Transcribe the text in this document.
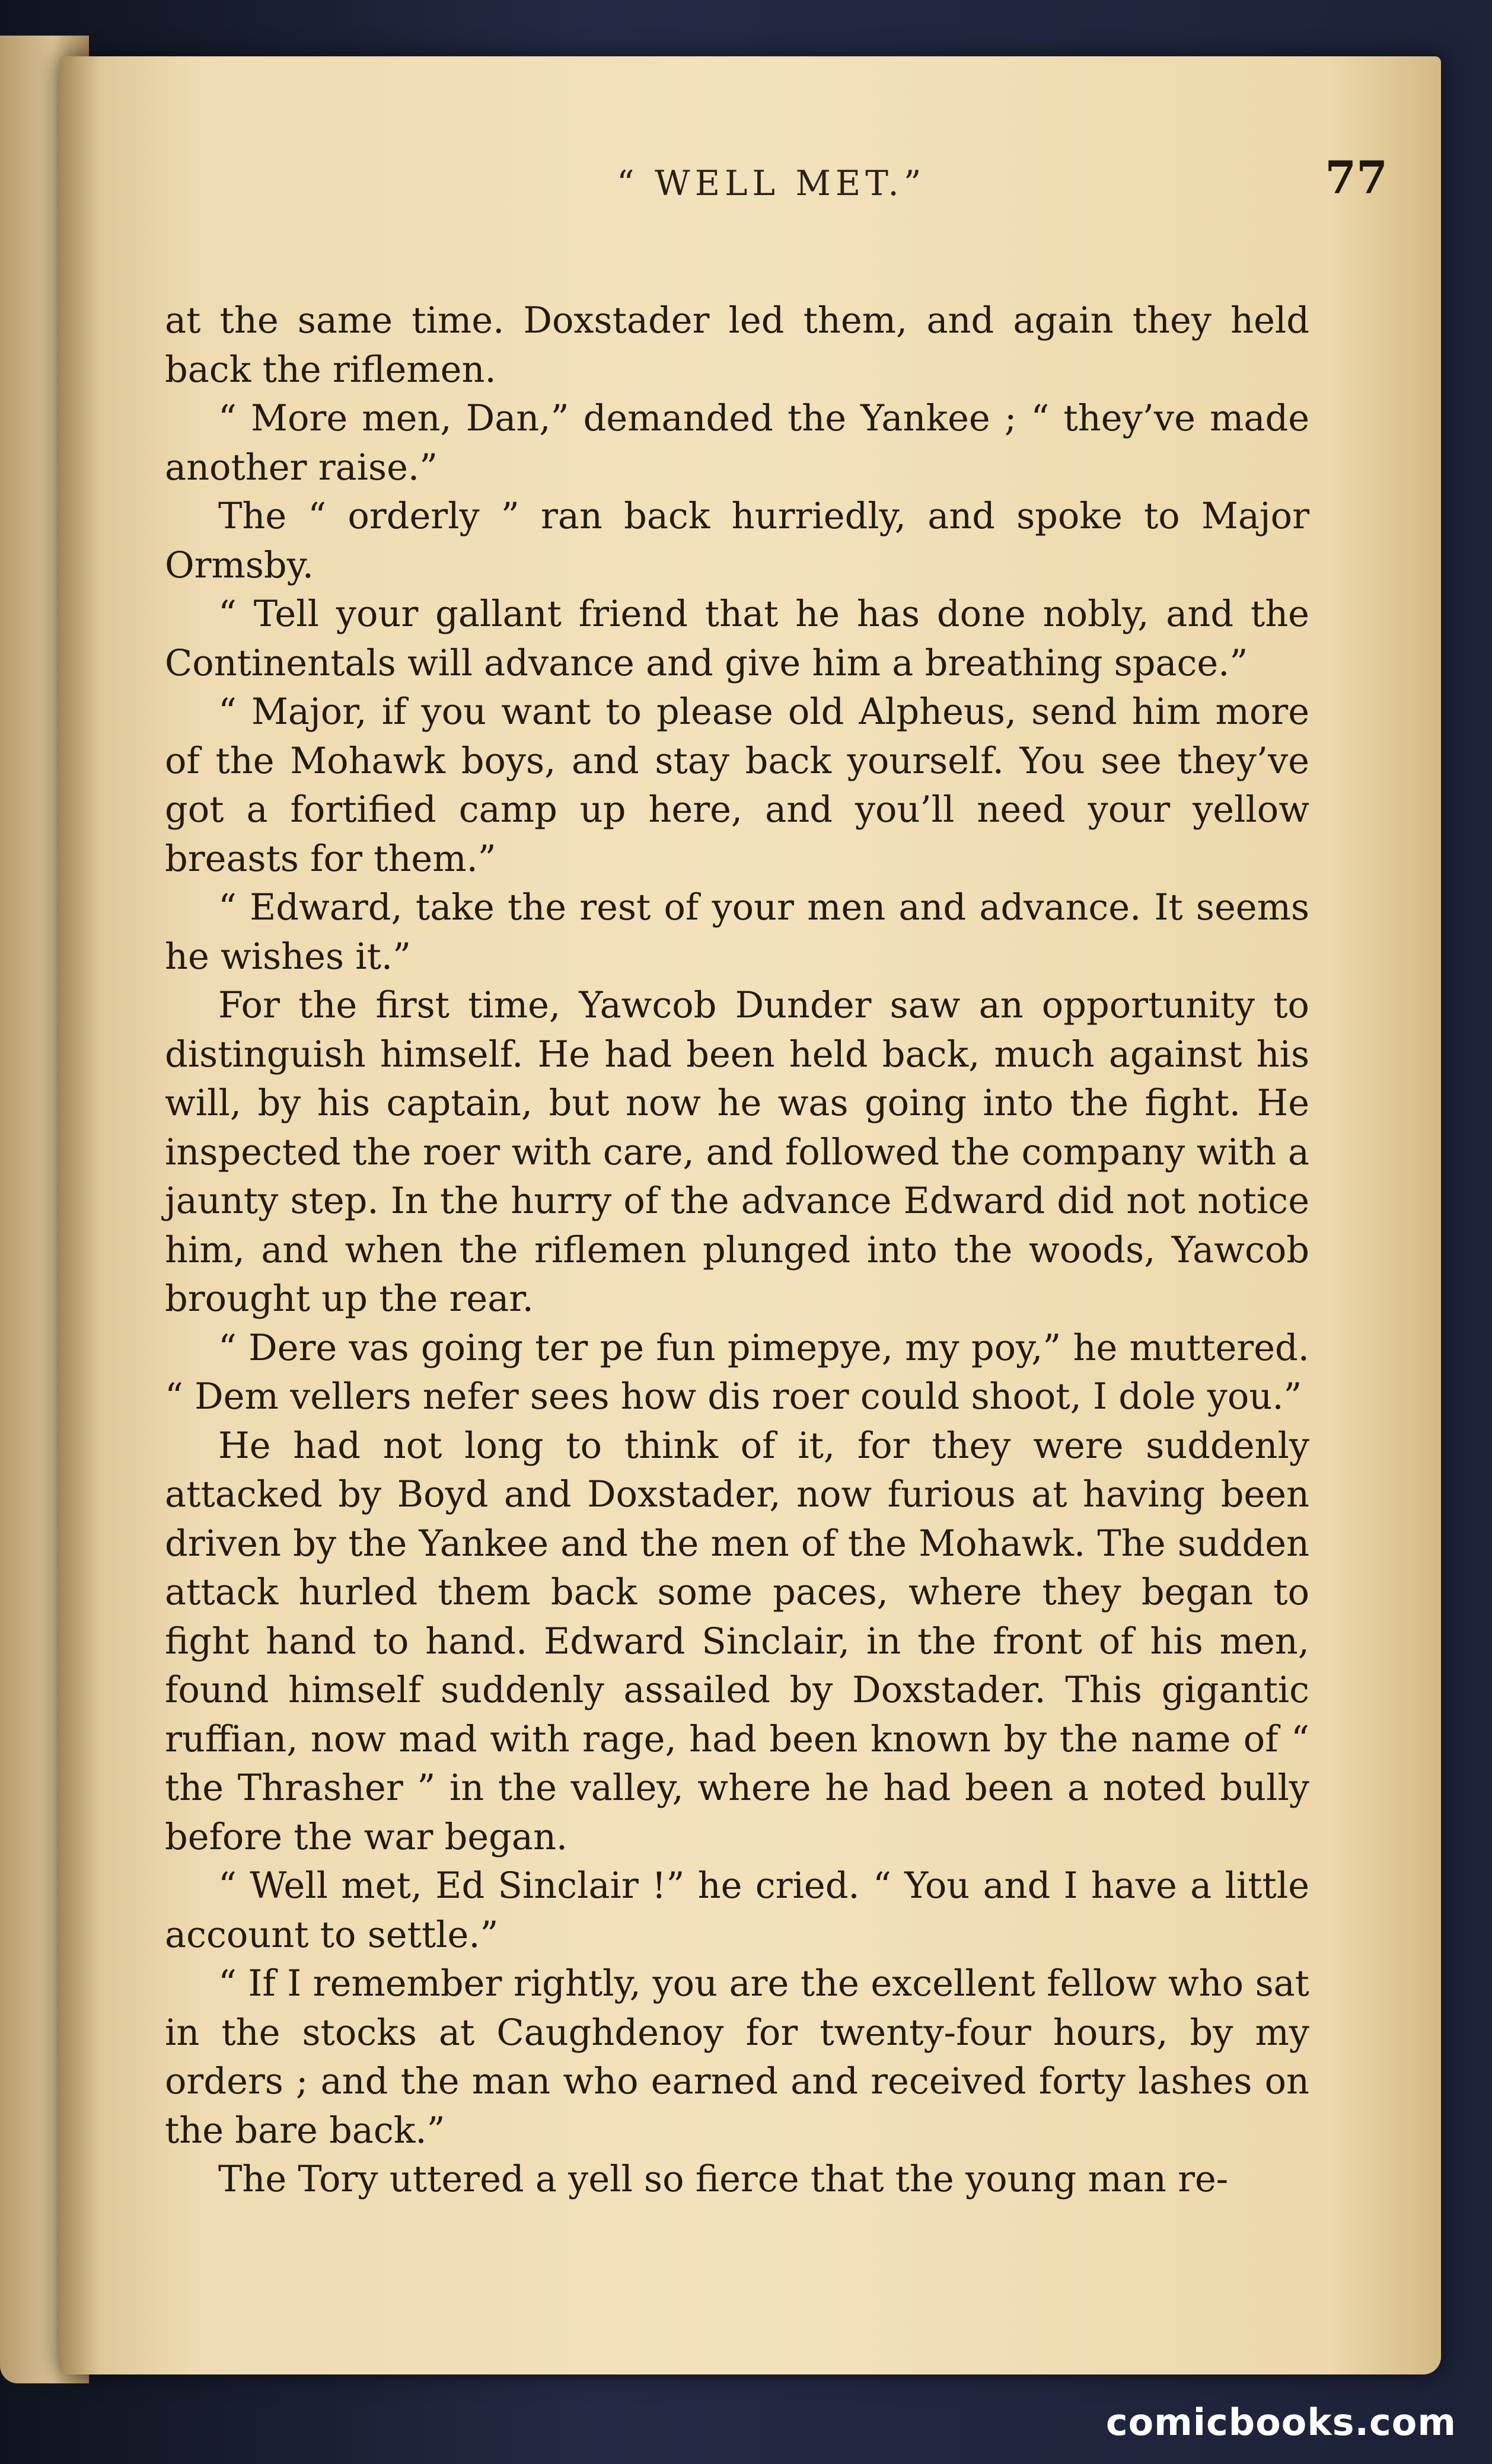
“ WELL MET.”	77

at the same time. Doxstader led them, and again they held back the riflemen.

“ More men, Dan,” demanded the Yankee ; “ they’ve made another raise.”

The “ orderly ” ran back hurriedly, and spoke to Major Ormsby.

“ Tell your gallant friend that he has done nobly, and the Continentals will advance and give him a breathing space.”

“ Major, if you want to please old Alpheus, send him more of the Mohawk boys, and stay back yourself. You see they’ve got a fortified camp up here, and you’ll need your yellow breasts for them.”

“ Edward, take the rest of your men and advance. It seems he wishes it.”

For the first time, Yawcob Dunder saw an opportunity to distinguish himself. He had been held back, much against his will, by his captain, but now he was going into the fight. He inspected the roer with care, and followed the company with a jaunty step. In the hurry of the advance Edward did not notice him, and when the riflemen plunged into the woods, Yawcob brought up the rear.

“ Dere vas going ter pe fun pimepye, my poy,” he muttered. “ Dem vellers nefer sees how dis roer could shoot, I dole you.”

He had not long to think of it, for they were suddenly attacked by Boyd and Doxstader, now furious at having been driven by the Yankee and the men of the Mohawk. The sudden attack hurled them back some paces, where they began to fight hand to hand. Edward Sinclair, in the front of his men, found himself suddenly assailed by Doxstader. This gigantic ruffian, now mad with rage, had been known by the name of “ the Thrasher ” in the valley, where he had been a noted bully before the war began.

“ Well met, Ed Sinclair !” he cried. “ You and I have a little account to settle.”

“ If I remember rightly, you are the excellent fellow who sat in the stocks at Caughdenoy for twenty-four hours, by my orders ; and the man who earned and received forty lashes on the bare back.”

The Tory uttered a yell so fierce that the young man re-

comicbooks.com
